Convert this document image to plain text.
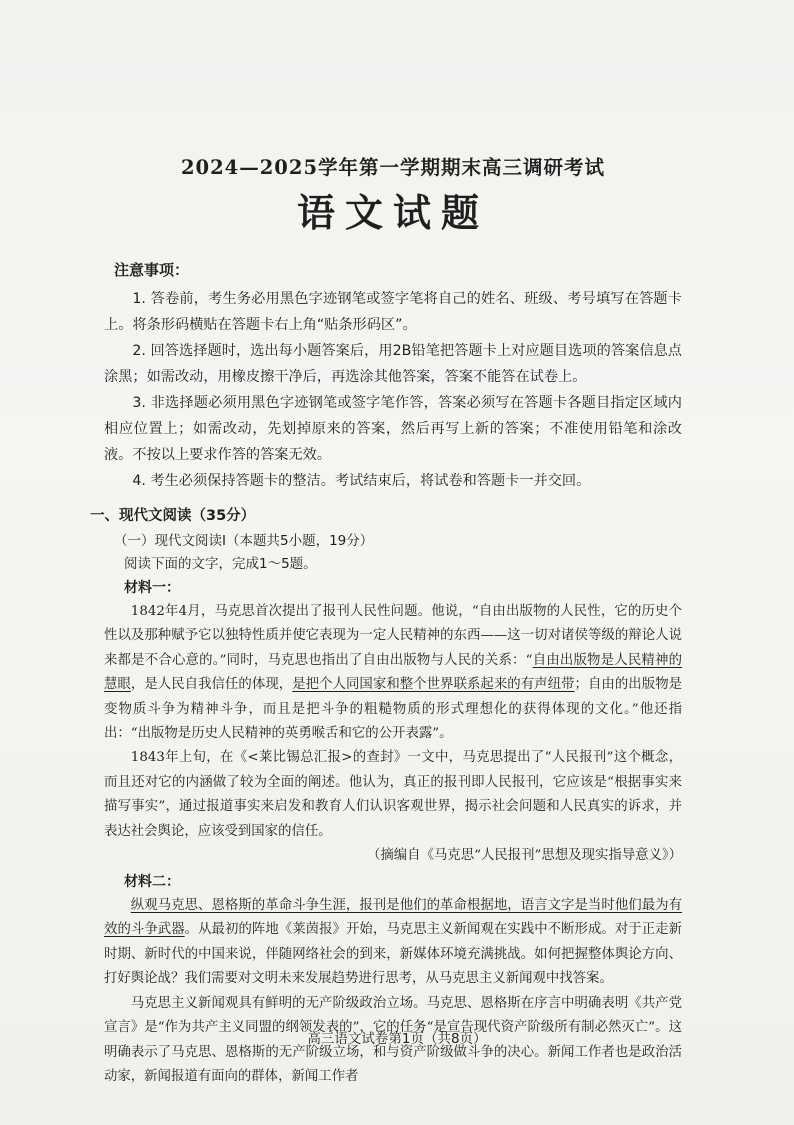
2024—2025学年第一学期期末高三调研考试
语文试题
注意事项：

1. 答卷前，考生务必用黑色字迹钢笔或签字笔将自己的姓名、班级、考号填写在答题卡上。将条形码横贴在答题卡右上角“贴条形码区”。

2. 回答选择题时，选出每小题答案后，用2B铅笔把答题卡上对应题目选项的答案信息点涂黑；如需改动，用橡皮擦干净后，再选涂其他答案，答案不能答在试卷上。

3. 非选择题必须用黑色字迹钢笔或签字笔作答，答案必须写在答题卡各题目指定区域内相应位置上；如需改动，先划掉原来的答案，然后再写上新的答案；不准使用铅笔和涂改液。不按以上要求作答的答案无效。

4. 考生必须保持答题卡的整洁。考试结束后，将试卷和答题卡一并交回。

一、现代文阅读（35分）
（一）现代文阅读Ⅰ（本题共5小题，19分）
阅读下面的文字，完成1～5题。
材料一：

1842年4月，马克思首次提出了报刊人民性问题。他说，“自由出版物的人民性，它的历史个性以及那种赋予它以独特性质并使它表现为一定人民精神的东西——这一切对诸侯等级的辩论人说来都是不合心意的。”同时，马克思也指出了自由出版物与人民的关系：“自由出版物是人民精神的慧眼，是人民自我信任的体现，是把个人同国家和整个世界联系起来的有声纽带；自由的出版物是变物质斗争为精神斗争，而且是把斗争的粗糙物质的形式理想化的获得体现的文化。”他还指出：“出版物是历史人民精神的英勇喉舌和它的公开表露”。

1843年上旬，在《<莱比锡总汇报>的查封》一文中，马克思提出了“人民报刊”这个概念，而且还对它的内涵做了较为全面的阐述。他认为，真正的报刊即人民报刊，它应该是“根据事实来描写事实”，通过报道事实来启发和教育人们认识客观世界，揭示社会问题和人民真实的诉求，并表达社会舆论，应该受到国家的信任。

（摘编自《马克思“人民报刊”思想及现实指导意义》）
材料二：

纵观马克思、恩格斯的革命斗争生涯，报刊是他们的革命根据地，语言文字是当时他们最为有效的斗争武器。从最初的阵地《莱茵报》开始，马克思主义新闻观在实践中不断形成。对于正走新时期、新时代的中国来说，伴随网络社会的到来，新媒体环境充满挑战。如何把握整体舆论方向、打好舆论战？我们需要对文明未来发展趋势进行思考，从马克思主义新闻观中找答案。

马克思主义新闻观具有鲜明的无产阶级政治立场。马克思、恩格斯在序言中明确表明《共产党宣言》是“作为共产主义同盟的纲领发表的”，它的任务“是宣告现代资产阶级所有制必然灭亡”。这明确表示了马克思、恩格斯的无产阶级立场，和与资产阶级做斗争的决心。新闻工作者也是政治活动家，新闻报道有面向的群体，新闻工作者

高三语文试卷第1页（共8页）
